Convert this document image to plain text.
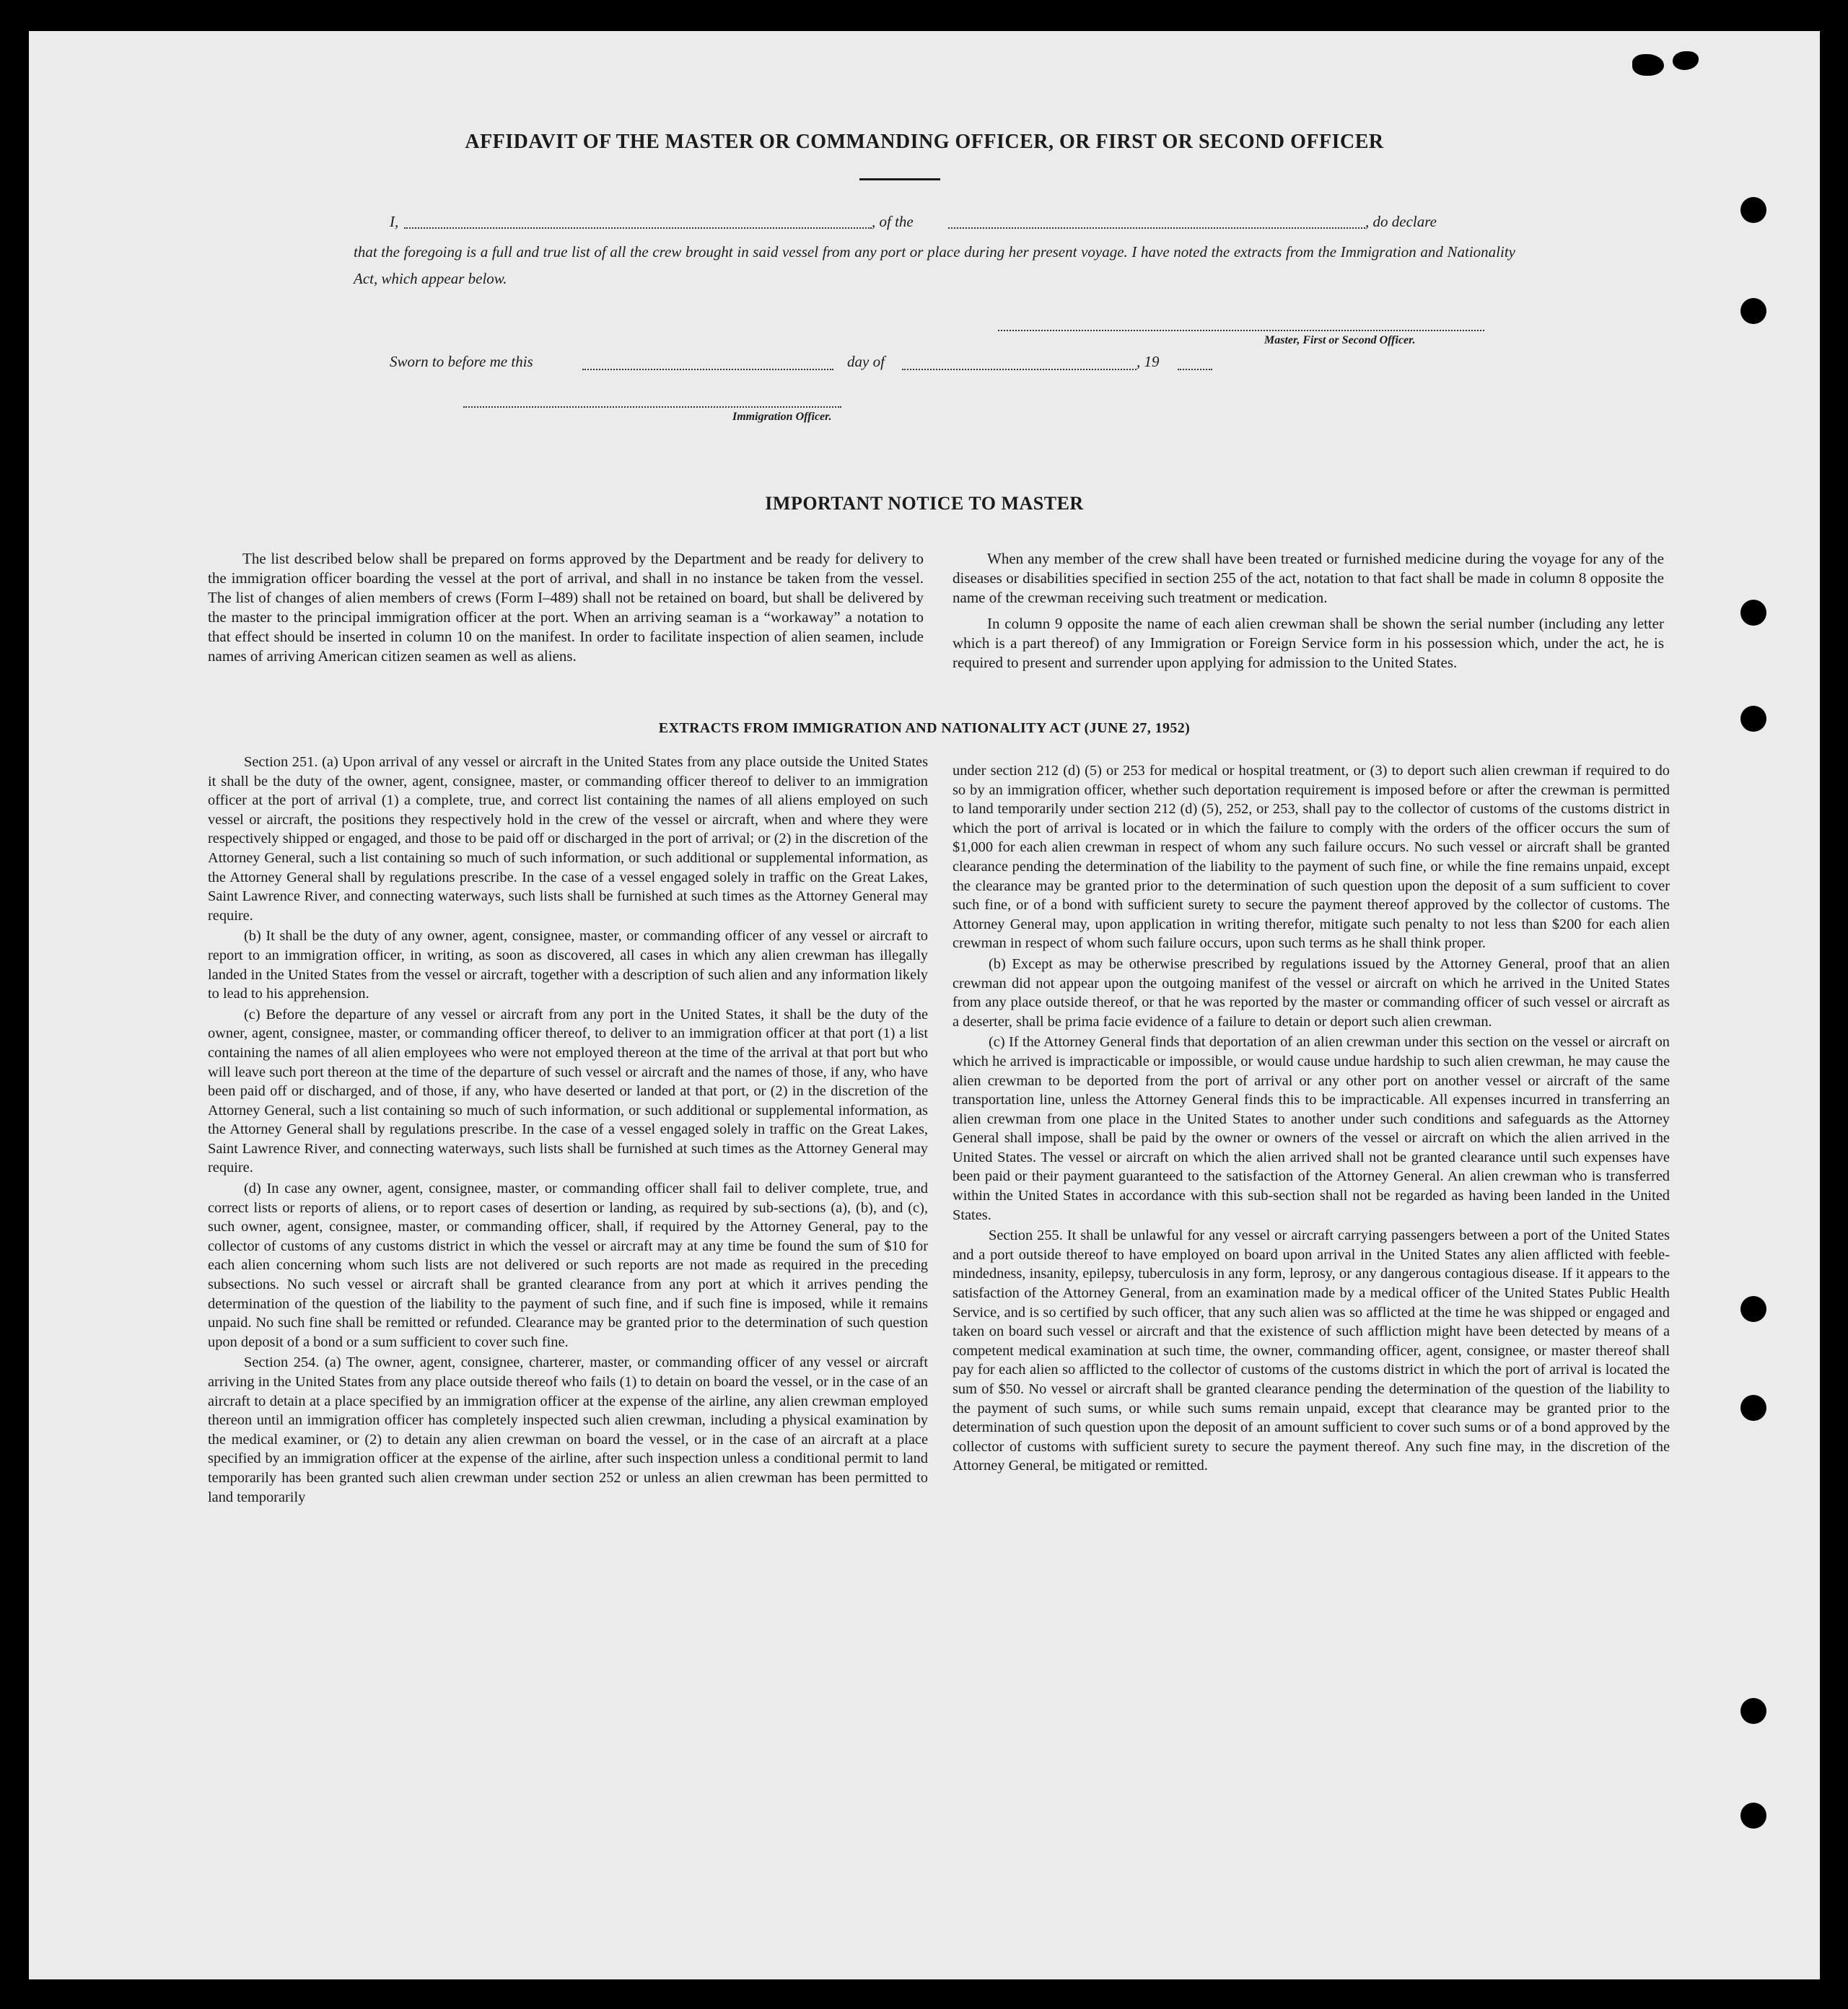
AFFIDAVIT OF THE MASTER OR COMMANDING OFFICER, OR FIRST OR SECOND OFFICER
I,	, of the	, do declare
that the foregoing is a full and true list of all the crew brought in said vessel from any port or place during her present voyage. I have noted the extracts from the Immigration and Nationality Act, which appear below.
Master, First or Second Officer.
Sworn to before me this	day of	, 19
Immigration Officer.
IMPORTANT NOTICE TO MASTER

The list described below shall be prepared on forms approved by the Department and be ready for delivery to the immigration officer boarding the vessel at the port of arrival, and shall in no instance be taken from the vessel. The list of changes of alien members of crews (Form I–489) shall not be retained on board, but shall be delivered by the master to the principal immigration officer at the port. When an arriving seaman is a “workaway” a notation to that effect should be inserted in column 10 on the manifest. In order to facilitate inspection of alien seamen, include names of arriving American citizen seamen as well as aliens.

When any member of the crew shall have been treated or furnished medicine during the voyage for any of the diseases or disabilities specified in section 255 of the act, notation to that fact shall be made in column 8 opposite the name of the crewman receiving such treatment or medication.

In column 9 opposite the name of each alien crewman shall be shown the serial number (including any letter which is a part thereof) of any Immigration or Foreign Service form in his possession which, under the act, he is required to present and surrender upon applying for admission to the United States.

EXTRACTS FROM IMMIGRATION AND NATIONALITY ACT (JUNE 27, 1952)

Section 251. (a) Upon arrival of any vessel or aircraft in the United States from any place outside the United States it shall be the duty of the owner, agent, consignee, master, or commanding officer thereof to deliver to an immigration officer at the port of arrival (1) a complete, true, and correct list containing the names of all aliens employed on such vessel or aircraft, the positions they respectively hold in the crew of the vessel or aircraft, when and where they were respectively shipped or engaged, and those to be paid off or discharged in the port of arrival; or (2) in the discretion of the Attorney General, such a list containing so much of such information, or such additional or supplemental information, as the Attorney General shall by regulations prescribe. In the case of a vessel engaged solely in traffic on the Great Lakes, Saint Lawrence River, and connecting waterways, such lists shall be furnished at such times as the Attorney General may require.

(b) It shall be the duty of any owner, agent, consignee, master, or commanding officer of any vessel or aircraft to report to an immigration officer, in writing, as soon as discovered, all cases in which any alien crewman has illegally landed in the United States from the vessel or aircraft, together with a description of such alien and any information likely to lead to his apprehension.

(c) Before the departure of any vessel or aircraft from any port in the United States, it shall be the duty of the owner, agent, consignee, master, or commanding officer thereof, to deliver to an immigration officer at that port (1) a list containing the names of all alien employees who were not employed thereon at the time of the arrival at that port but who will leave such port thereon at the time of the departure of such vessel or aircraft and the names of those, if any, who have been paid off or discharged, and of those, if any, who have deserted or landed at that port, or (2) in the discretion of the Attorney General, such a list containing so much of such information, or such additional or supplemental information, as the Attorney General shall by regulations prescribe. In the case of a vessel engaged solely in traffic on the Great Lakes, Saint Lawrence River, and connecting waterways, such lists shall be furnished at such times as the Attorney General may require.

(d) In case any owner, agent, consignee, master, or commanding officer shall fail to deliver complete, true, and correct lists or reports of aliens, or to report cases of desertion or landing, as required by sub-sections (a), (b), and (c), such owner, agent, consignee, master, or commanding officer, shall, if required by the Attorney General, pay to the collector of customs of any customs district in which the vessel or aircraft may at any time be found the sum of $10 for each alien concerning whom such lists are not delivered or such reports are not made as required in the preceding subsections. No such vessel or aircraft shall be granted clearance from any port at which it arrives pending the determination of the question of the liability to the payment of such fine, and if such fine is imposed, while it remains unpaid. No such fine shall be remitted or refunded. Clearance may be granted prior to the determination of such question upon deposit of a bond or a sum sufficient to cover such fine.

Section 254. (a) The owner, agent, consignee, charterer, master, or commanding officer of any vessel or aircraft arriving in the United States from any place outside thereof who fails (1) to detain on board the vessel, or in the case of an aircraft to detain at a place specified by an immigration officer at the expense of the airline, any alien crewman employed thereon until an immigration officer has completely inspected such alien crewman, including a physical examination by the medical examiner, or (2) to detain any alien crewman on board the vessel, or in the case of an aircraft at a place specified by an immigration officer at the expense of the airline, after such inspection unless a conditional permit to land temporarily has been granted such alien crewman under section 252 or unless an alien crewman has been permitted to land temporarily

under section 212 (d) (5) or 253 for medical or hospital treatment, or (3) to deport such alien crewman if required to do so by an immigration officer, whether such deportation requirement is imposed before or after the crewman is permitted to land temporarily under section 212 (d) (5), 252, or 253, shall pay to the collector of customs of the customs district in which the port of arrival is located or in which the failure to comply with the orders of the officer occurs the sum of $1,000 for each alien crewman in respect of whom any such failure occurs. No such vessel or aircraft shall be granted clearance pending the determination of the liability to the payment of such fine, or while the fine remains unpaid, except the clearance may be granted prior to the determination of such question upon the deposit of a sum sufficient to cover such fine, or of a bond with sufficient surety to secure the payment thereof approved by the collector of customs. The Attorney General may, upon application in writing therefor, mitigate such penalty to not less than $200 for each alien crewman in respect of whom such failure occurs, upon such terms as he shall think proper.

(b) Except as may be otherwise prescribed by regulations issued by the Attorney General, proof that an alien crewman did not appear upon the outgoing manifest of the vessel or aircraft on which he arrived in the United States from any place outside thereof, or that he was reported by the master or commanding officer of such vessel or aircraft as a deserter, shall be prima facie evidence of a failure to detain or deport such alien crewman.

(c) If the Attorney General finds that deportation of an alien crewman under this section on the vessel or aircraft on which he arrived is impracticable or impossible, or would cause undue hardship to such alien crewman, he may cause the alien crewman to be deported from the port of arrival or any other port on another vessel or aircraft of the same transportation line, unless the Attorney General finds this to be impracticable. All expenses incurred in transferring an alien crewman from one place in the United States to another under such conditions and safeguards as the Attorney General shall impose, shall be paid by the owner or owners of the vessel or aircraft on which the alien arrived in the United States. The vessel or aircraft on which the alien arrived shall not be granted clearance until such expenses have been paid or their payment guaranteed to the satisfaction of the Attorney General. An alien crewman who is transferred within the United States in accordance with this sub-section shall not be regarded as having been landed in the United States.

Section 255. It shall be unlawful for any vessel or aircraft carrying passengers between a port of the United States and a port outside thereof to have employed on board upon arrival in the United States any alien afflicted with feeble-mindedness, insanity, epilepsy, tuberculosis in any form, leprosy, or any dangerous contagious disease. If it appears to the satisfaction of the Attorney General, from an examination made by a medical officer of the United States Public Health Service, and is so certified by such officer, that any such alien was so afflicted at the time he was shipped or engaged and taken on board such vessel or aircraft and that the existence of such affliction might have been detected by means of a competent medical examination at such time, the owner, commanding officer, agent, consignee, or master thereof shall pay for each alien so afflicted to the collector of customs of the customs district in which the port of arrival is located the sum of $50. No vessel or aircraft shall be granted clearance pending the determination of the question of the liability to the payment of such sums, or while such sums remain unpaid, except that clearance may be granted prior to the determination of such question upon the deposit of an amount sufficient to cover such sums or of a bond approved by the collector of customs with sufficient surety to secure the payment thereof. Any such fine may, in the discretion of the Attorney General, be mitigated or remitted.
